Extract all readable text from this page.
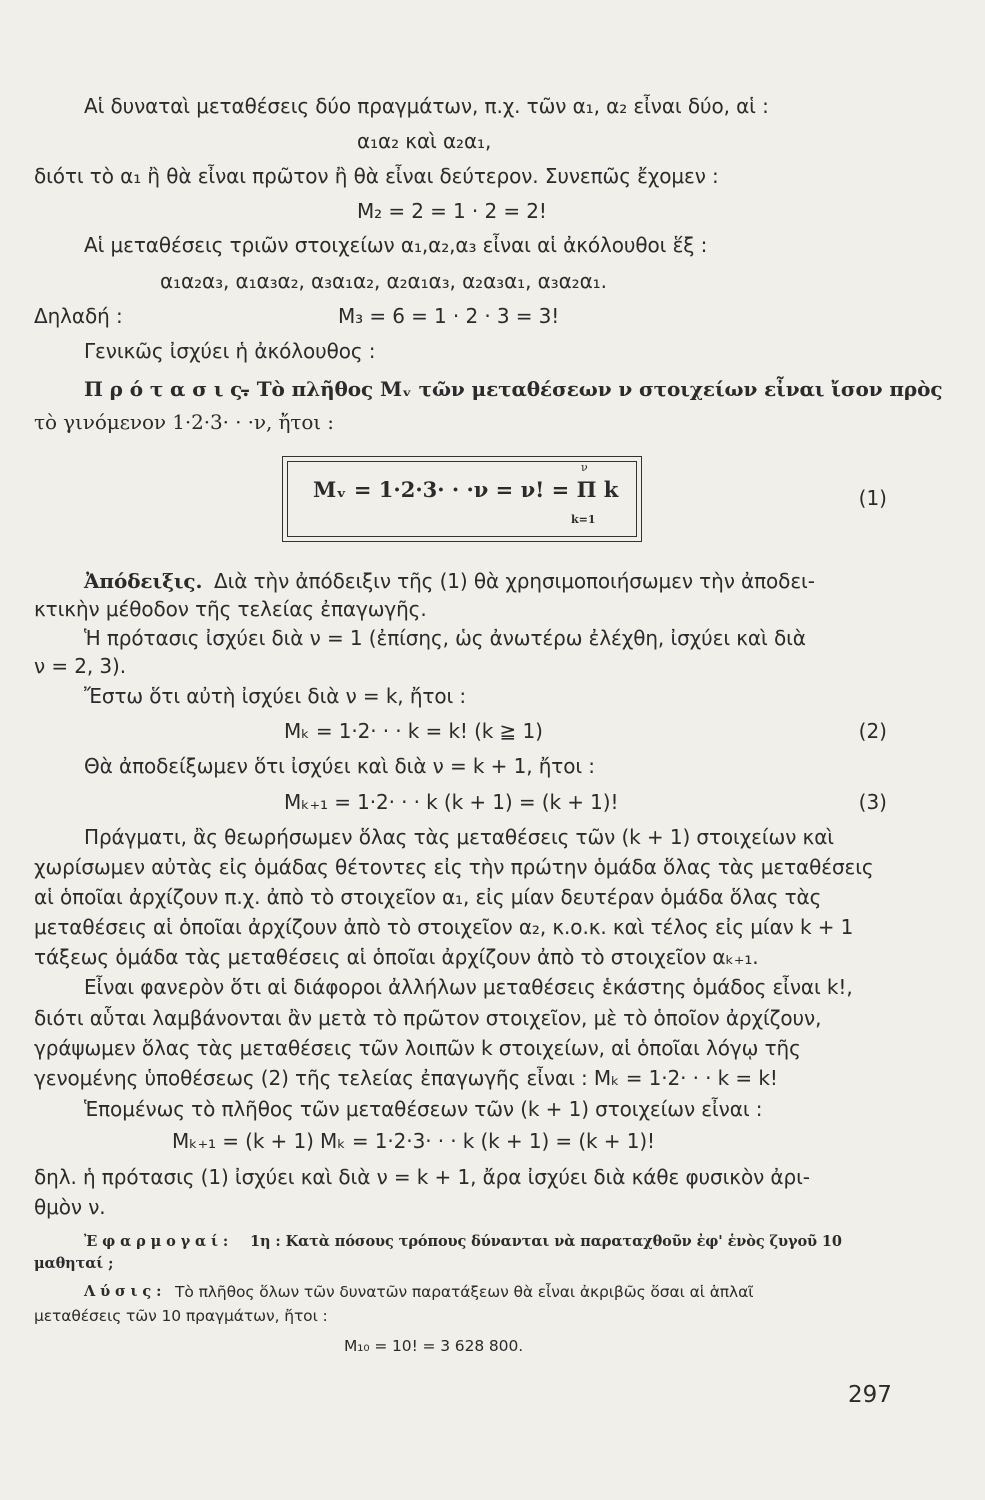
Αἱ δυναταὶ μεταθέσεις δύο πραγμάτων, π.χ. τῶν α₁, α₂ εἶναι δύο, αἱ :
α₁α₂ καὶ α₂α₁,
διότι τὸ α₁ ἢ θὰ εἶναι πρῶτον ἢ θὰ εἶναι δεύτερον. Συνεπῶς ἔχομεν :
M₂ = 2 = 1 · 2 = 2!
Αἱ μεταθέσεις τριῶν στοιχείων α₁,α₂,α₃ εἶναι αἱ ἀκόλουθοι ἕξ :
α₁α₂α₃, α₁α₃α₂, α₃α₁α₂, α₂α₁α₃, α₂α₃α₁, α₃α₂α₁.
Δηλαδή :	M₃ = 6 = 1 · 2 · 3 = 3!
Γενικῶς ἰσχύει ἡ ἀκόλουθος :
Π ρ ό τ α σ ι ς.
– Τὸ πλῆθος Mᵥ τῶν μεταθέσεων ν στοιχείων εἶναι ἴσον πρὸς
τὸ γινόμενον 1·2·3· · ·ν, ἤτοι :
ν
Mᵥ = 1·2·3· · ·ν = ν! = Π k
k=1
(1)
Ἀπόδειξις. Διὰ τὴν ἀπόδειξιν τῆς (1) θὰ χρησιμοποιήσωμεν τὴν ἀποδει-
κτικὴν μέθοδον τῆς τελείας ἐπαγωγῆς.
Ἡ πρότασις ἰσχύει διὰ ν = 1 (ἐπίσης, ὡς ἀνωτέρω ἐλέχθη, ἰσχύει καὶ διὰ
ν = 2, 3).
Ἔστω ὅτι αὐτὴ ἰσχύει διὰ ν = k, ἤτοι :
Mₖ = 1·2· · · k = k! (k ≧ 1)	(2)
Θὰ ἀποδείξωμεν ὅτι ἰσχύει καὶ διὰ ν = k + 1, ἤτοι :
Mₖ₊₁ = 1·2· · · k (k + 1) = (k + 1)!	(3)
Πράγματι, ἂς θεωρήσωμεν ὅλας τὰς μεταθέσεις τῶν (k + 1) στοιχείων καὶ
χωρίσωμεν αὐτὰς εἰς ὁμάδας θέτοντες εἰς τὴν πρώτην ὁμάδα ὅλας τὰς μεταθέσεις
αἱ ὁποῖαι ἀρχίζουν π.χ. ἀπὸ τὸ στοιχεῖον α₁, εἰς μίαν δευτέραν ὁμάδα ὅλας τὰς
μεταθέσεις αἱ ὁποῖαι ἀρχίζουν ἀπὸ τὸ στοιχεῖον α₂, κ.ο.κ. καὶ τέλος εἰς μίαν k + 1
τάξεως ὁμάδα τὰς μεταθέσεις αἱ ὁποῖαι ἀρχίζουν ἀπὸ τὸ στοιχεῖον αₖ₊₁.
Εἶναι φανερὸν ὅτι αἱ διάφοροι ἀλλήλων μεταθέσεις ἑκάστης ὁμάδος εἶναι k!,
διότι αὗται λαμβάνονται ἂν μετὰ τὸ πρῶτον στοιχεῖον, μὲ τὸ ὁποῖον ἀρχίζουν,
γράψωμεν ὅλας τὰς μεταθέσεις τῶν λοιπῶν k στοιχείων, αἱ ὁποῖαι λόγῳ τῆς
γενομένης ὑποθέσεως (2) τῆς τελείας ἐπαγωγῆς εἶναι : Mₖ = 1·2· · · k = k!
Ἑπομένως τὸ πλῆθος τῶν μεταθέσεων τῶν (k + 1) στοιχείων εἶναι :
Mₖ₊₁ = (k + 1) Mₖ = 1·2·3· · · k (k + 1) = (k + 1)!
δηλ. ἡ πρότασις (1) ἰσχύει καὶ διὰ ν = k + 1, ἄρα ἰσχύει διὰ κάθε φυσικὸν ἀρι-
θμὸν ν.
Ἐ φ α ρ μ ο γ α ί : 1η : Κατὰ πόσους τρόπους δύνανται νὰ παραταχθοῦν ἐφ' ἑνὸς ζυγοῦ 10
μαθηταί ;
Λ ύ σ ι ς : Τὸ πλῆθος ὅλων τῶν δυνατῶν παρατάξεων θὰ εἶναι ἀκριβῶς ὅσαι αἱ ἁπλαῖ
μεταθέσεις τῶν 10 πραγμάτων, ἤτοι :
M₁₀ = 10! = 3 628 800.
297
